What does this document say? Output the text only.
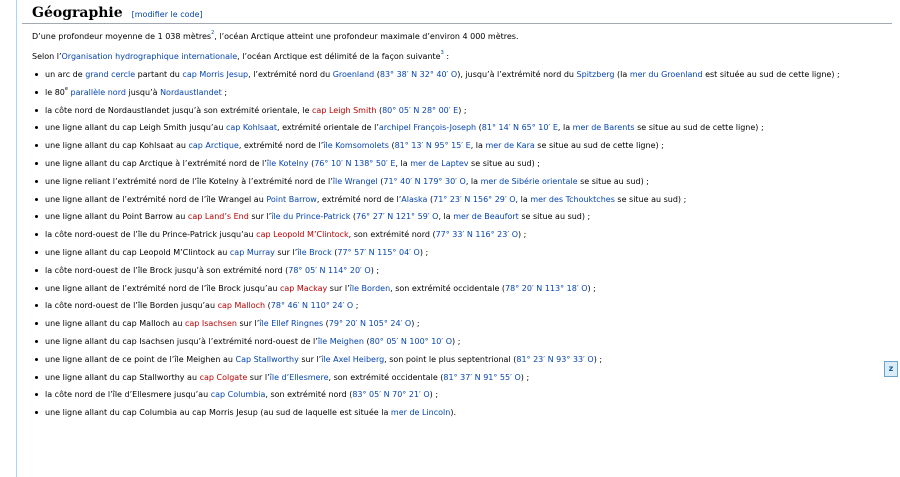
Géographie [modifier le code]

D’une profondeur moyenne de 1 038 mètres$^2$, l’océan Arctique atteint une profondeur maximale d’environ 4 000 mètres.

Selon l’Organisation hydrographique internationale, l’océan Arctique est délimité de la façon suivante$^3$ :

un arc de grand cercle partant du cap Morris Jesup, l’extrémité nord du Groenland (83° 38′ N 32° 40′ O), jusqu’à l’extrémité nord du Spitzberg (la mer du Groenland est située au sud de cette ligne) ;
le 80e parallèle nord jusqu’à Nordaustlandet ;
la côte nord de Nordaustlandet jusqu’à son extrémité orientale, le cap Leigh Smith (80° 05′ N 28° 00′ E) ;
une ligne allant du cap Leigh Smith jusqu’au cap Kohlsaat, extrémité orientale de l’archipel François-Joseph (81° 14′ N 65° 10′ E, la mer de Barents se situe au sud de cette ligne) ;
une ligne allant du cap Kohlsaat au cap Arctique, extrémité nord de l’île Komsomolets (81° 13′ N 95° 15′ E, la mer de Kara se situe au sud de cette ligne) ;
une ligne allant du cap Arctique à l’extrémité nord de l’île Kotelny (76° 10′ N 138° 50′ E, la mer de Laptev se situe au sud) ;
une ligne reliant l’extrémité nord de l’île Kotelny à l’extrémité nord de l’île Wrangel (71° 40′ N 179° 30′ O, la mer de Sibérie orientale se situe au sud) ;
une ligne allant de l’extrémité nord de l’île Wrangel au Point Barrow, extrémité nord de l’Alaska (71° 23′ N 156° 29′ O, la mer des Tchouktches se situe au sud) ;
une ligne allant du Point Barrow au cap Land’s End sur l’île du Prince-Patrick (76° 27′ N 121° 59′ O, la mer de Beaufort se situe au sud) ;
la côte nord-ouest de l’île du Prince-Patrick jusqu’au cap Leopold M’Clintock, son extrémité nord (77° 33′ N 116° 23′ O) ;
une ligne allant du cap Leopold M’Clintock au cap Murray sur l’île Brock (77° 57′ N 115° 04′ O) ;
la côte nord-ouest de l’île Brock jusqu’à son extrémité nord (78° 05′ N 114° 20′ O) ;
une ligne allant de l’extrémité nord de l’île Brock jusqu’au cap Mackay sur l’île Borden, son extrémité occidentale (78° 20′ N 113° 18′ O) ;
la côte nord-ouest de l’île Borden jusqu’au cap Malloch (78° 46′ N 110° 24′ O ;
une ligne allant du cap Malloch au cap Isachsen sur l’île Ellef Ringnes (79° 20′ N 105° 24′ O) ;
une ligne allant du cap Isachsen jusqu’à l’extrémité nord-ouest de l’île Meighen (80° 05′ N 100° 10′ O) ;
une ligne allant de ce point de l’île Meighen au Cap Stallworthy sur l’île Axel Heiberg, son point le plus septentrional (81° 23′ N 93° 33′ O) ;
une ligne allant du cap Stallworthy au cap Colgate sur l’île d’Ellesmere, son extrémité occidentale (81° 37′ N 91° 55′ O) ;
la côte nord de l’île d’Ellesmere jusqu’au cap Columbia, son extrémité nord (83° 05′ N 70° 21′ O) ;
une ligne allant du cap Columbia au cap Morris Jesup (au sud de laquelle est située la mer de Lincoln).
z
